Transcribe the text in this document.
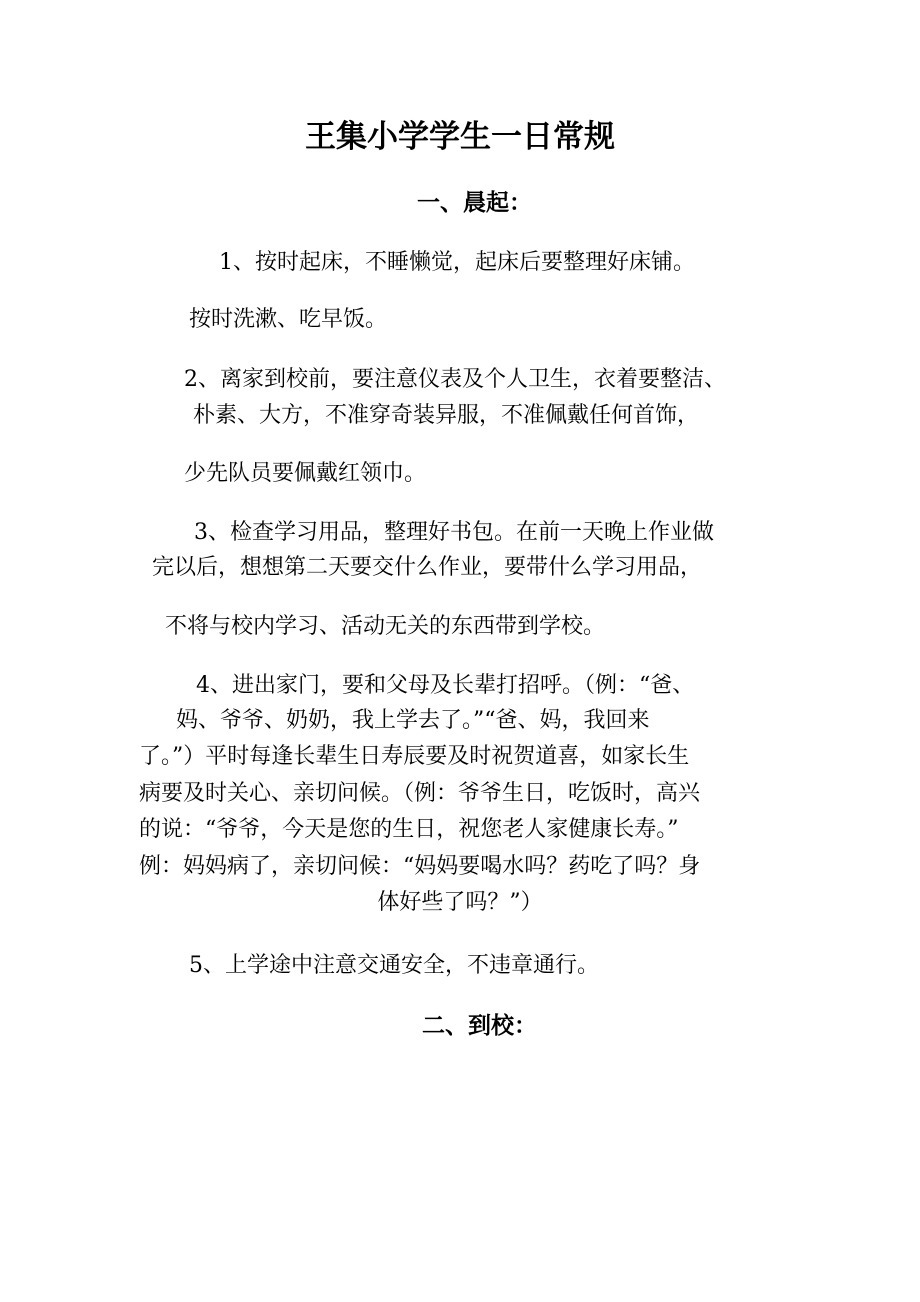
王集小学学生一日常规
一、晨起：

1、按时起床，不睡懒觉，起床后要整理好床铺。

按时洗漱、吃早饭。

2、离家到校前，要注意仪表及个人卫生，衣着要整洁、

朴素、大方，不准穿奇装异服，不准佩戴任何首饰，

少先队员要佩戴红领巾。

3、检查学习用品，整理好书包。在前一天晚上作业做

完以后，想想第二天要交什么作业，要带什么学习用品，

不将与校内学习、活动无关的东西带到学校。

4、进出家门，要和父母及长辈打招呼。（例：“爸、

妈、爷爷、奶奶，我上学去了。”“爸、妈，我回来

了。”）平时每逢长辈生日寿辰要及时祝贺道喜，如家长生

病要及时关心、亲切问候。（例：爷爷生日，吃饭时，高兴

的说：“爷爷，今天是您的生日，祝您老人家健康长寿。”

例：妈妈病了，亲切问候：“妈妈要喝水吗？药吃了吗？身

体好些了吗？”）

5、上学途中注意交通安全，不违章通行。

二、到校：
